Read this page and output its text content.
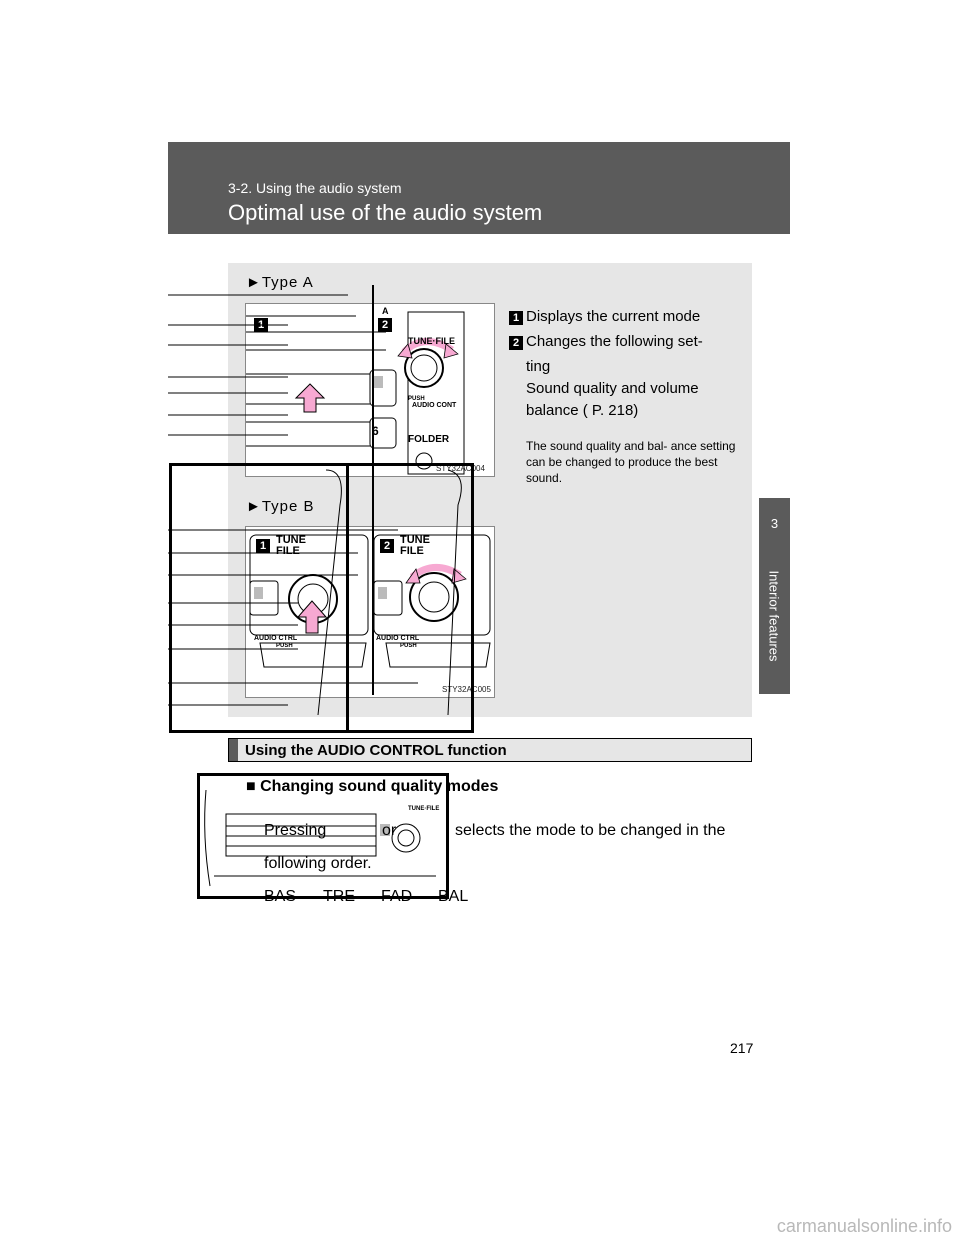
3‑2. Using the audio system
Optimal use of the audio system
3
Interior features
►Type A
1	2
A
TUNE·FILE
PUSH
AUDIO CONT
FOLDER
6
STY32AC004
►Type B
1 TUNE
FILE	2 TUNE
FILE
AUDIO CTRL
PUSH
AUDIO CTRL
PUSH
STY32AC005
1 Displays the current mode
2 Changes the following set‑
ting
Sound quality and volume
balance ( P. 218)
The sound quality and bal‑ ance setting can be changed to produce the best sound.
Using the AUDIO CONTROL function
TUNE·FILE
■ Changing sound quality modes
Pressing	or	selects the mode to be changed in the
following order.
BAS TRE FAD BAL
217
carmanualsonline.info
